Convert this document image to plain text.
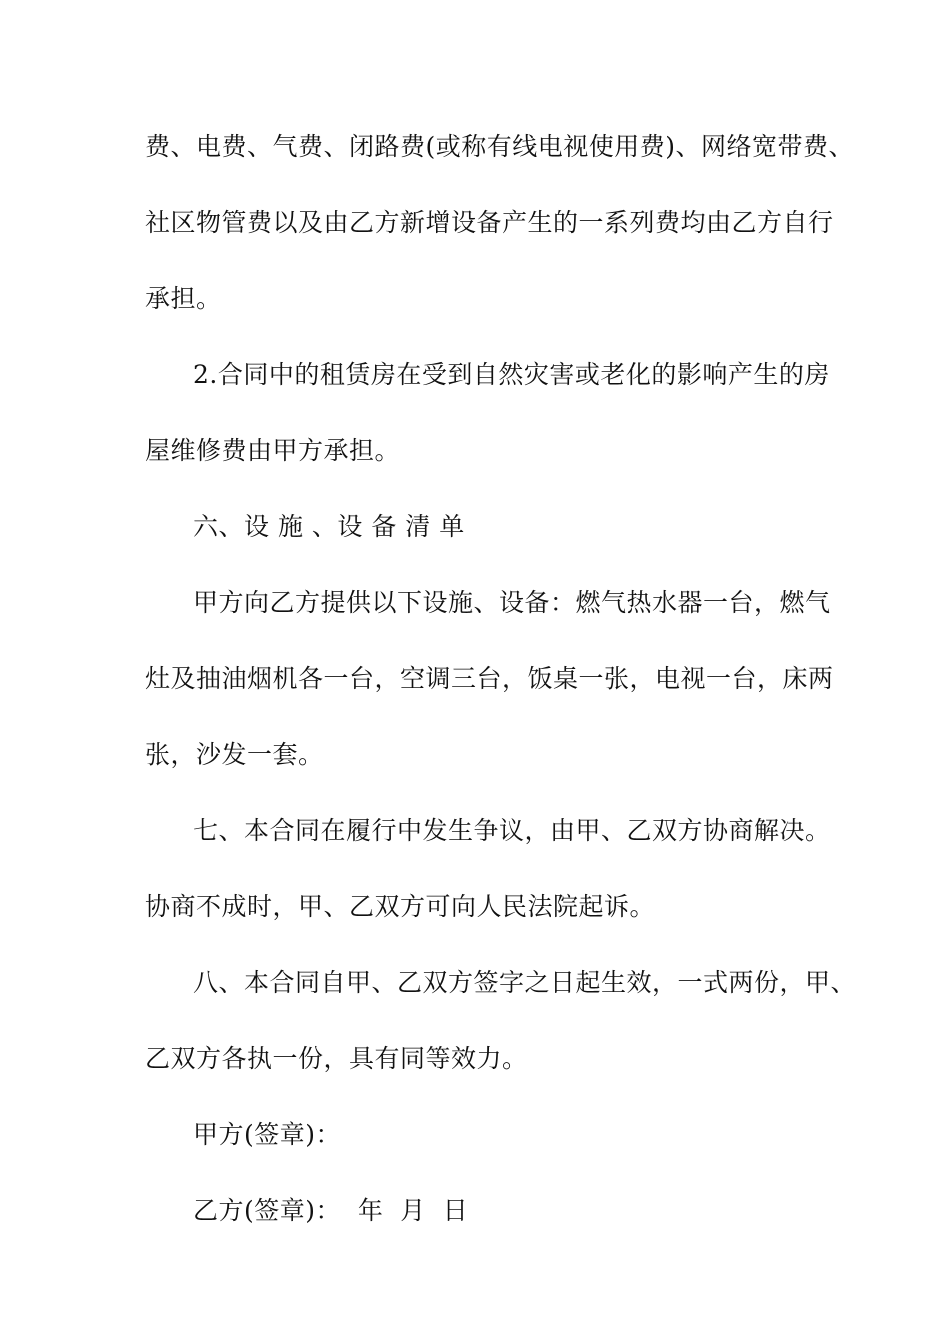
费、电费、气费、闭路费(或称有线电视使用费)、网络宽带费、
社区物管费以及由乙方新增设备产生的一系列费均由乙方自行
承担。
2.合同中的租赁房在受到自然灾害或老化的影响产生的房
屋维修费由甲方承担。
六、设 施 、设 备 清 单
甲方向乙方提供以下设施、设备：燃气热水器一台，燃气
灶及抽油烟机各一台，空调三台，饭桌一张，电视一台，床两
张，沙发一套。
七、本合同在履行中发生争议，由甲、乙双方协商解决。
协商不成时，甲、乙双方可向人民法院起诉。
八、本合同自甲、乙双方签字之日起生效，一式两份，甲、
乙双方各执一份，具有同等效力。
甲方(签章)：
乙方(签章)：  年  月  日
